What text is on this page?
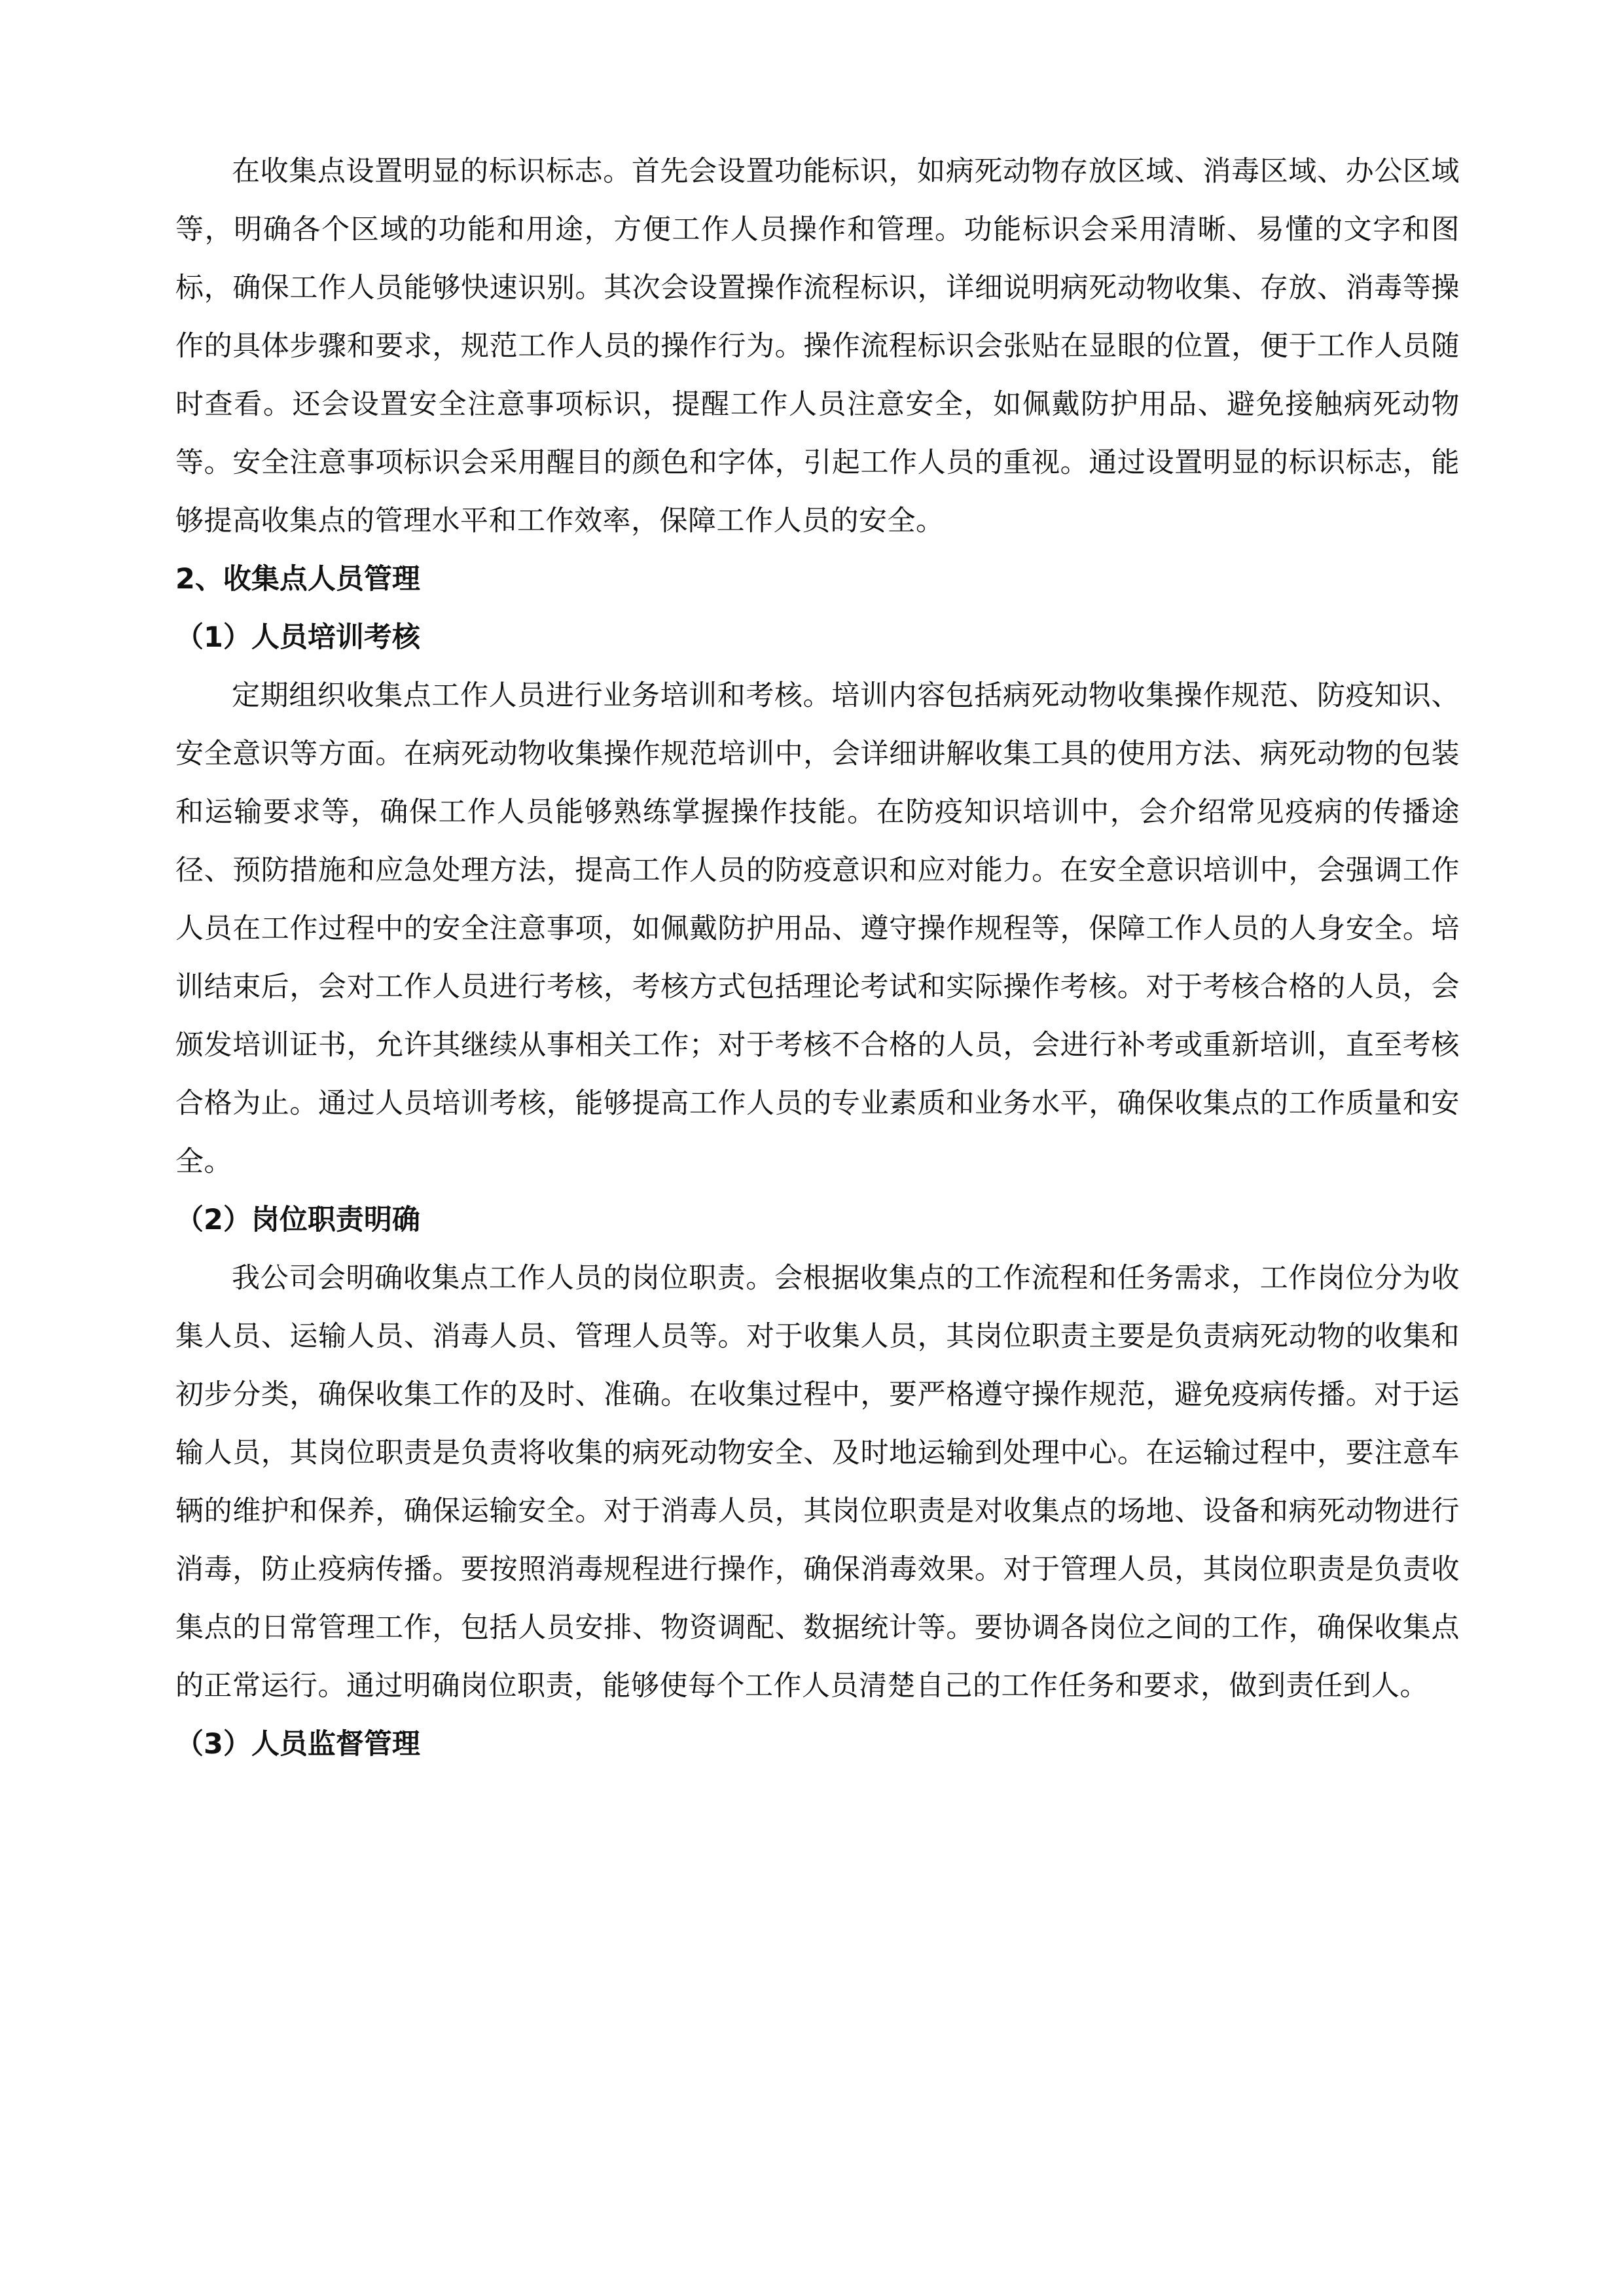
在收集点设置明显的标识标志。首先会设置功能标识，如病死动物存放区域、消毒区域、办公区域等，明确各个区域的功能和用途，方便工作人员操作和管理。功能标识会采用清晰、易懂的文字和图标，确保工作人员能够快速识别。其次会设置操作流程标识，详细说明病死动物收集、存放、消毒等操作的具体步骤和要求，规范工作人员的操作行为。操作流程标识会张贴在显眼的位置，便于工作人员随时查看。还会设置安全注意事项标识，提醒工作人员注意安全，如佩戴防护用品、避免接触病死动物等。安全注意事项标识会采用醒目的颜色和字体，引起工作人员的重视。通过设置明显的标识标志，能够提高收集点的管理水平和工作效率，保障工作人员的安全。

2、收集点人员管理

（1）人员培训考核

定期组织收集点工作人员进行业务培训和考核。培训内容包括病死动物收集操作规范、防疫知识、安全意识等方面。在病死动物收集操作规范培训中，会详细讲解收集工具的使用方法、病死动物的包装和运输要求等，确保工作人员能够熟练掌握操作技能。在防疫知识培训中，会介绍常见疫病的传播途径、预防措施和应急处理方法，提高工作人员的防疫意识和应对能力。在安全意识培训中，会强调工作人员在工作过程中的安全注意事项，如佩戴防护用品、遵守操作规程等，保障工作人员的人身安全。培训结束后，会对工作人员进行考核，考核方式包括理论考试和实际操作考核。对于考核合格的人员，会颁发培训证书，允许其继续从事相关工作；对于考核不合格的人员，会进行补考或重新培训，直至考核合格为止。通过人员培训考核，能够提高工作人员的专业素质和业务水平，确保收集点的工作质量和安全。

（2）岗位职责明确

我公司会明确收集点工作人员的岗位职责。会根据收集点的工作流程和任务需求，工作岗位分为收集人员、运输人员、消毒人员、管理人员等。对于收集人员，其岗位职责主要是负责病死动物的收集和初步分类，确保收集工作的及时、准确。在收集过程中，要严格遵守操作规范，避免疫病传播。对于运输人员，其岗位职责是负责将收集的病死动物安全、及时地运输到处理中心。在运输过程中，要注意车辆的维护和保养，确保运输安全。对于消毒人员，其岗位职责是对收集点的场地、设备和病死动物进行消毒，防止疫病传播。要按照消毒规程进行操作，确保消毒效果。对于管理人员，其岗位职责是负责收集点的日常管理工作，包括人员安排、物资调配、数据统计等。要协调各岗位之间的工作，确保收集点的正常运行。通过明确岗位职责，能够使每个工作人员清楚自己的工作任务和要求，做到责任到人。

（3）人员监督管理
